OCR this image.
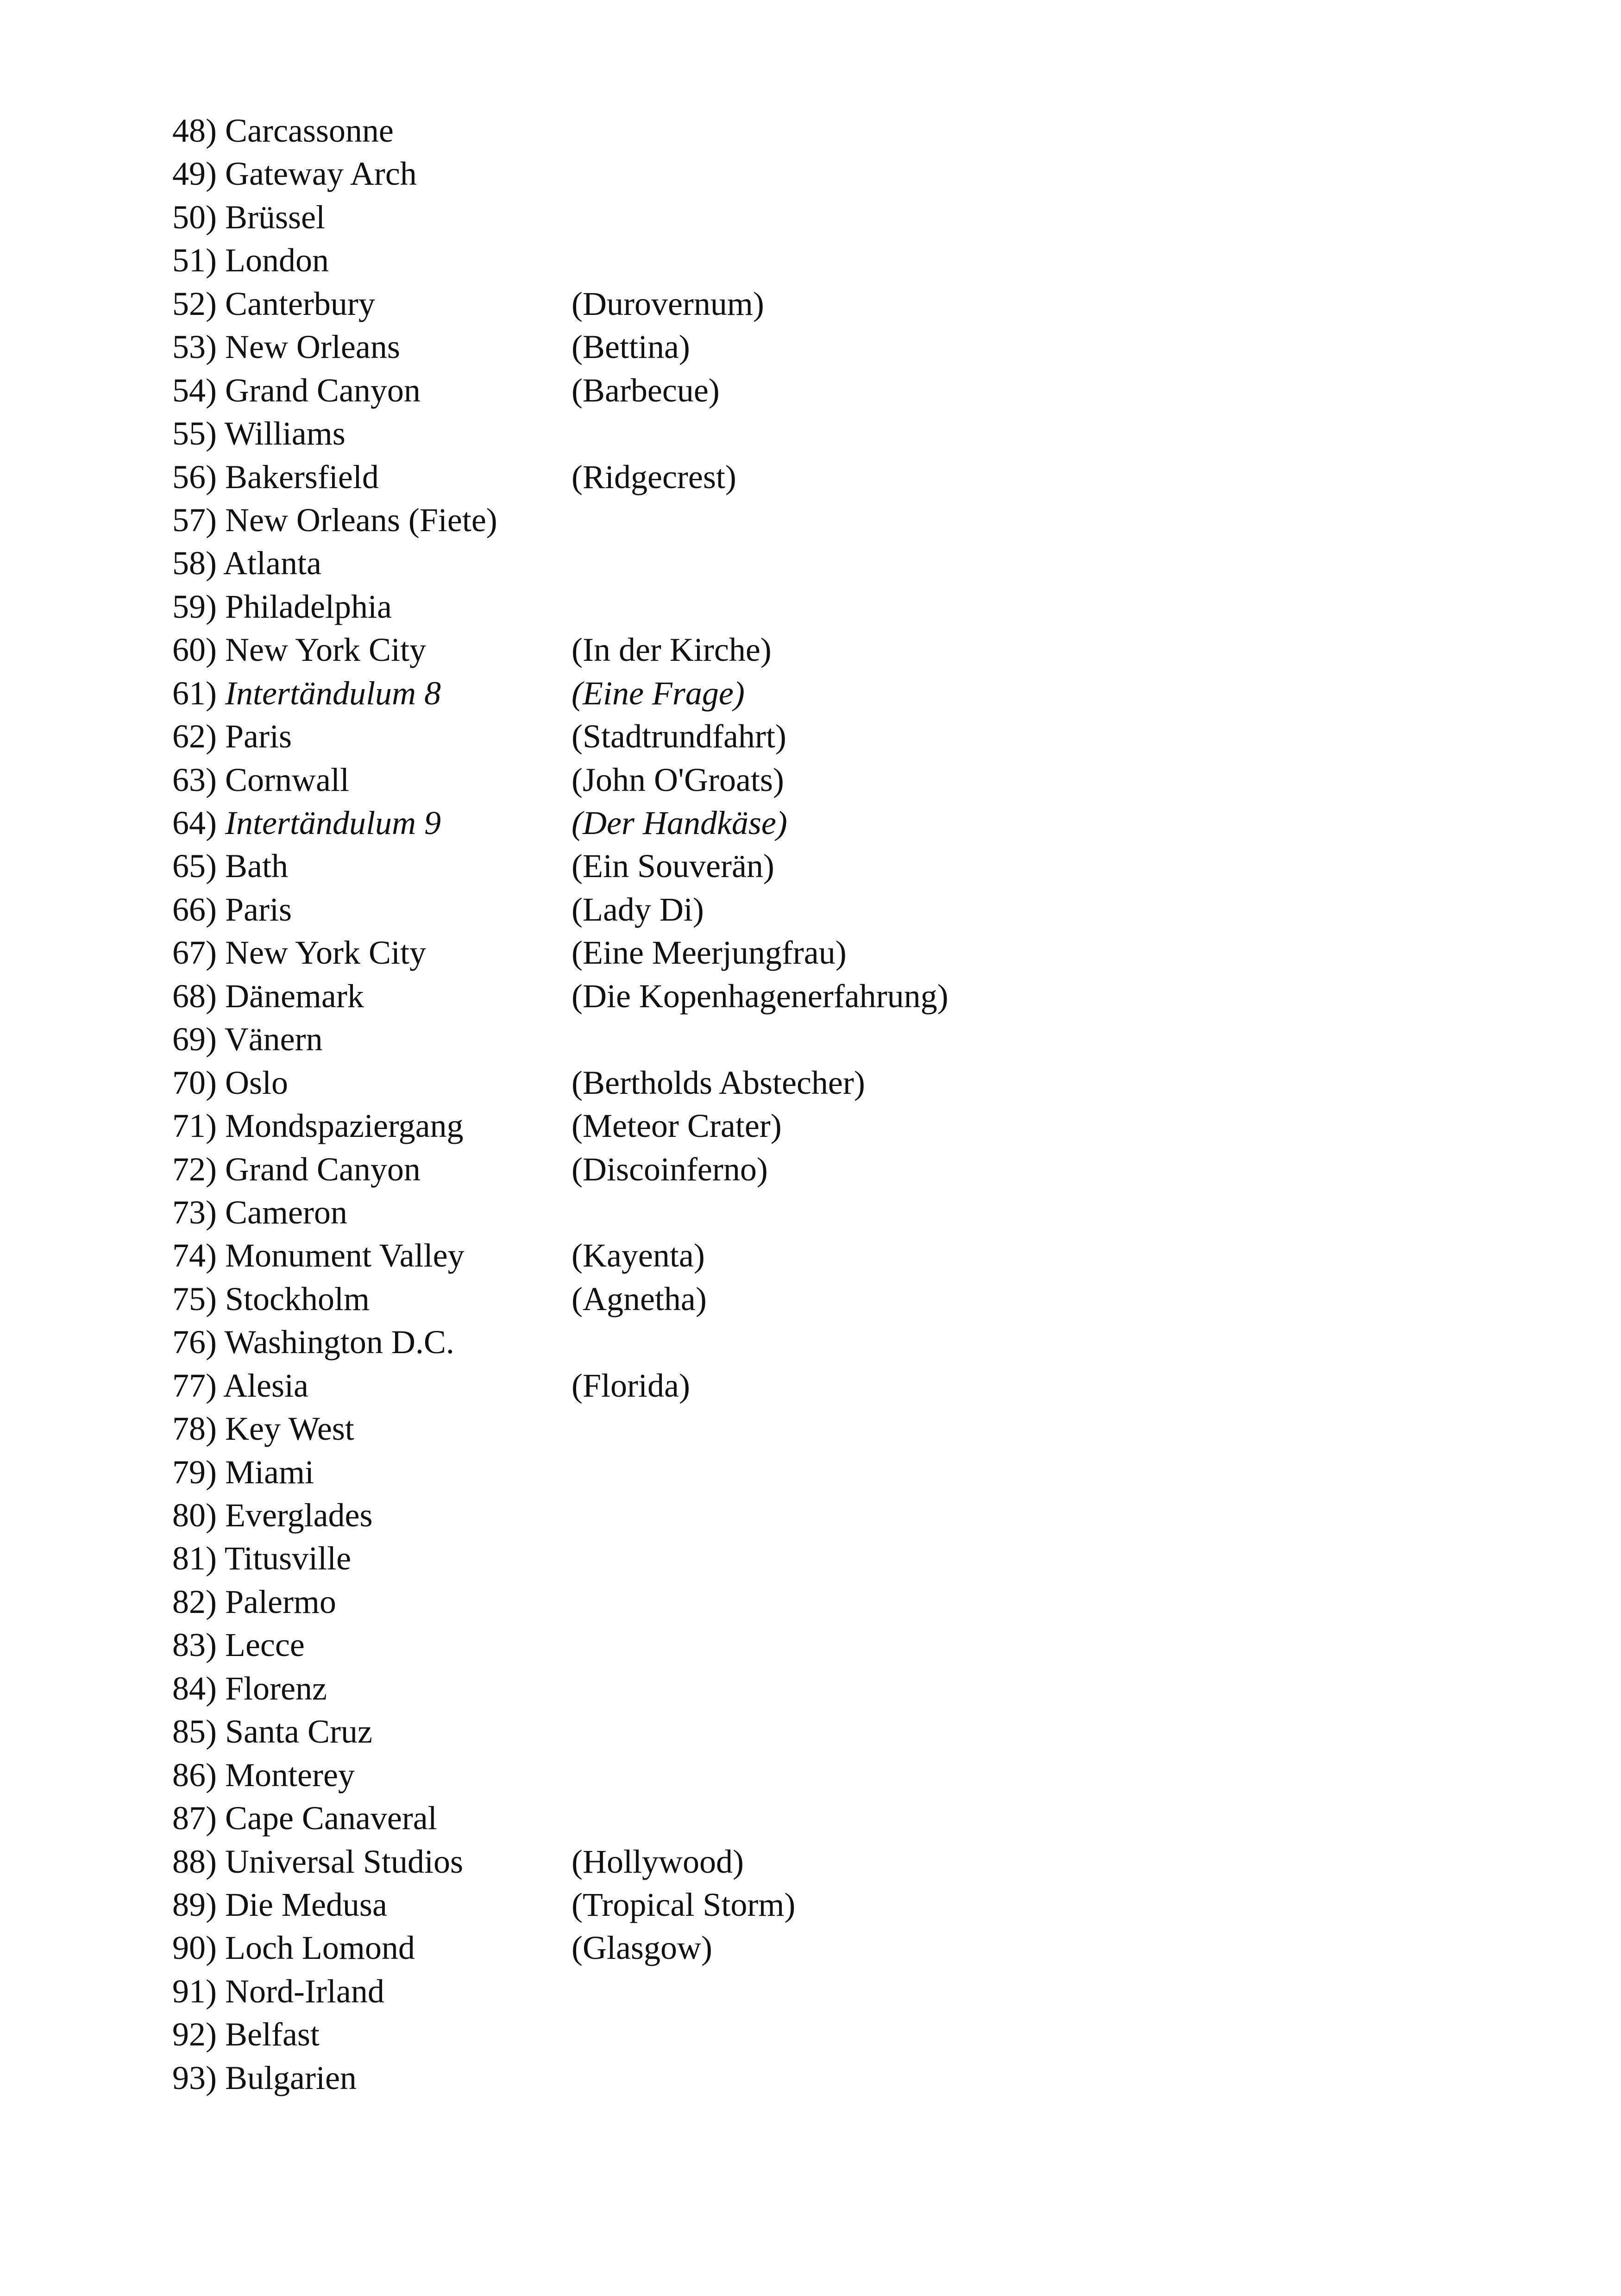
48) Carcassonne
49) Gateway Arch
50) Brüssel
51) London
52) Canterbury	(Durovernum)
53) New Orleans	(Bettina)
54) Grand Canyon	(Barbecue)
55) Williams
56) Bakersfield	(Ridgecrest)
57) New Orleans (Fiete)
58) Atlanta
59) Philadelphia
60) New York City	(In der Kirche)
61) Intertändulum 8	(Eine Frage)
62) Paris	(Stadtrundfahrt)
63) Cornwall	(John O'Groats)
64) Intertändulum 9	(Der Handkäse)
65) Bath	(Ein Souverän)
66) Paris	(Lady Di)
67) New York City	(Eine Meerjungfrau)
68) Dänemark	(Die Kopenhagenerfahrung)
69) Vänern
70) Oslo	(Bertholds Abstecher)
71) Mondspaziergang	(Meteor Crater)
72) Grand Canyon	(Discoinferno)
73) Cameron
74) Monument Valley	(Kayenta)
75) Stockholm	(Agnetha)
76) Washington D.C.
77) Alesia	(Florida)
78) Key West
79) Miami
80) Everglades
81) Titusville
82) Palermo
83) Lecce
84) Florenz
85) Santa Cruz
86) Monterey
87) Cape Canaveral
88) Universal Studios	(Hollywood)
89) Die Medusa	(Tropical Storm)
90) Loch Lomond	(Glasgow)
91) Nord-Irland
92) Belfast
93) Bulgarien
